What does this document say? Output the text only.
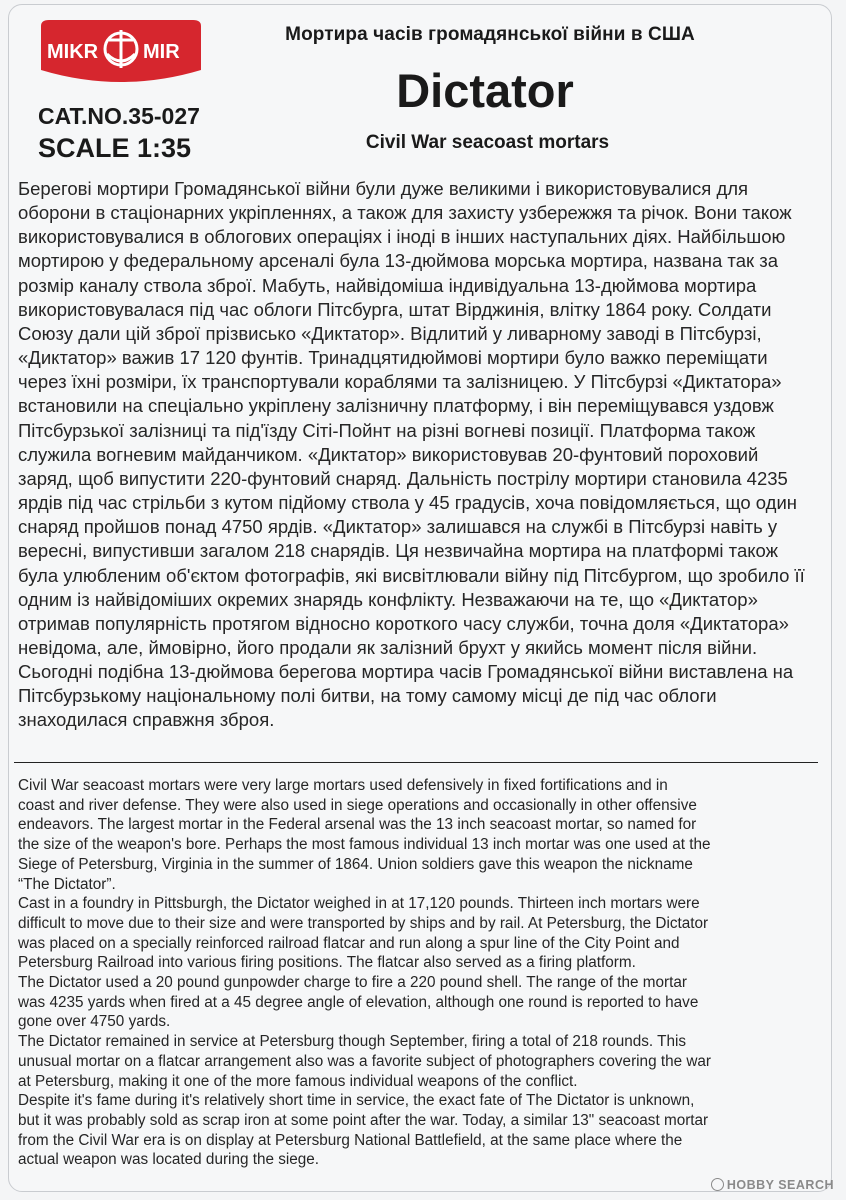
MIKR MIR
Мортира часів громадянської війни в США
Dictator
CAT.NO.35-027
SCALE 1:35	Civil War seacoast mortars

Берегові мортири Громадянської війни були дуже великими і використовувалися для

оборони в стаціонарних укріпленнях, а також для захисту узбережжя та річок. Вони також

використовувалися в облогових операціях і іноді в інших наступальних діях. Найбільшою

мортирою у федеральному арсеналі була 13-дюймова морська мортира, названа так за

розмір каналу ствола зброї. Мабуть, найвідоміша індивідуальна 13-дюймова мортира

використовувалася під час облоги Пітсбурга, штат Вірджинія, влітку 1864 року. Солдати

Союзу дали цій зброї прізвисько «Диктатор». Відлитий у ливарному заводі в Пітсбурзі,

«Диктатор» важив 17 120 фунтів. Тринадцятидюймові мортири було важко переміщати

через їхні розміри, їх транспортували кораблями та залізницею. У Пітсбурзі «Диктатора»

встановили на спеціально укріплену залізничну платформу, і він переміщувався уздовж

Пітсбурзької залізниці та під'їзду Сіті-Пойнт на різні вогневі позиції. Платформа також

служила вогневим майданчиком. «Диктатор» використовував 20-фунтовий пороховий

заряд, щоб випустити 220-фунтовий снаряд. Дальність пострілу мортири становила 4235

ярдів під час стрільби з кутом підйому ствола у 45 градусів, хоча повідомляється, що один

снаряд пройшов понад 4750 ярдів. «Диктатор» залишався на службі в Пітсбурзі навіть у

вересні, випустивши загалом 218 снарядів. Ця незвичайна мортира на платформі також

була улюбленим об'єктом фотографів, які висвітлювали війну під Пітсбургом, що зробило її

одним із найвідоміших окремих знарядь конфлікту. Незважаючи на те, що «Диктатор»

отримав популярність протягом відносно короткого часу служби, точна доля «Диктатора»

невідома, але, ймовірно, його продали як залізний брухт у якийсь момент після війни.

Сьогодні подібна 13-дюймова берегова мортира часів Громадянської війни виставлена на

Пітсбурзькому національному полі битви, на тому самому місці де під час облоги

знаходилася справжня зброя.

Civil War seacoast mortars were very large mortars used defensively in fixed fortifications and in

coast and river defense. They were also used in siege operations and occasionally in other offensive

endeavors. The largest mortar in the Federal arsenal was the 13 inch seacoast mortar, so named for

the size of the weapon's bore. Perhaps the most famous individual 13 inch mortar was one used at the

Siege of Petersburg, Virginia in the summer of 1864. Union soldiers gave this weapon the nickname

“The Dictator”.

Cast in a foundry in Pittsburgh, the Dictator weighed in at 17,120 pounds. Thirteen inch mortars were

difficult to move due to their size and were transported by ships and by rail. At Petersburg, the Dictator

was placed on a specially reinforced railroad flatcar and run along a spur line of the City Point and

Petersburg Railroad into various firing positions. The flatcar also served as a firing platform.

The Dictator used a 20 pound gunpowder charge to fire a 220 pound shell. The range of the mortar

was 4235 yards when fired at a 45 degree angle of elevation, although one round is reported to have

gone over 4750 yards.

The Dictator remained in service at Petersburg though September, firing a total of 218 rounds. This

unusual mortar on a flatcar arrangement also was a favorite subject of photographers covering the war

at Petersburg, making it one of the more famous individual weapons of the conflict.

Despite it's fame during it's relatively short time in service, the exact fate of The Dictator is unknown,

but it was probably sold as scrap iron at some point after the war. Today, a similar 13" seacoast mortar

from the Civil War era is on display at Petersburg National Battlefield, at the same place where the

actual weapon was located during the siege.

HOBBY SEARCH
